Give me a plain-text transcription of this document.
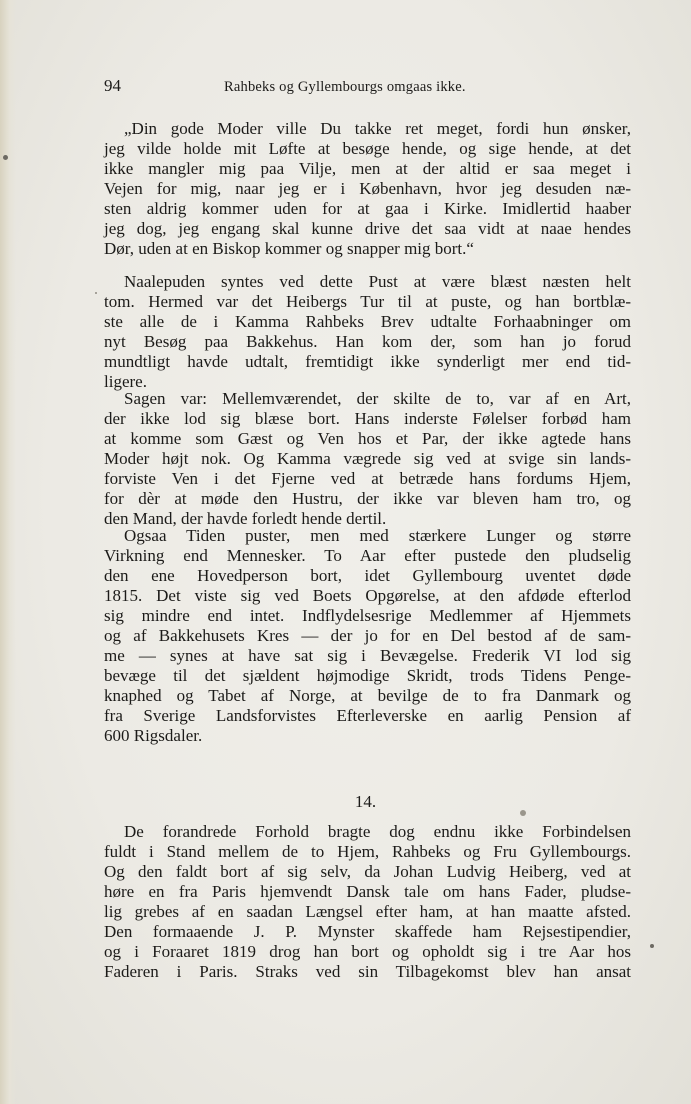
94	Rahbeks og Gyllembourgs omgaas ikke.
„Din gode Moder ville Du takke ret meget, fordi hun ønsker,
jeg vilde holde mit Løfte at besøge hende, og sige hende, at det
ikke mangler mig paa Vilje, men at der altid er saa meget i
Vejen for mig, naar jeg er i København, hvor jeg desuden næ-
sten aldrig kommer uden for at gaa i Kirke. Imidlertid haaber
jeg dog, jeg engang skal kunne drive det saa vidt at naae hendes
Dør, uden at en Biskop kommer og snapper mig bort.“
Naalepuden syntes ved dette Pust at være blæst næsten helt
tom. Hermed var det Heibergs Tur til at puste, og han bortblæ-
ste alle de i Kamma Rahbeks Brev udtalte Forhaabninger om
nyt Besøg paa Bakkehus. Han kom der, som han jo forud
mundtligt havde udtalt, fremtidigt ikke synderligt mer end tid-
ligere.
Sagen var: Mellemværendet, der skilte de to, var af en Art,
der ikke lod sig blæse bort. Hans inderste Følelser forbød ham
at komme som Gæst og Ven hos et Par, der ikke agtede hans
Moder højt nok. Og Kamma vægrede sig ved at svige sin lands-
forviste Ven i det Fjerne ved at betræde hans fordums Hjem,
for dèr at møde den Hustru, der ikke var bleven ham tro, og
den Mand, der havde forledt hende dertil.
Ogsaa Tiden puster, men med stærkere Lunger og større
Virkning end Mennesker. To Aar efter pustede den pludselig
den ene Hovedperson bort, idet Gyllembourg uventet døde
1815. Det viste sig ved Boets Opgørelse, at den afdøde efterlod
sig mindre end intet. Indflydelsesrige Medlemmer af Hjemmets
og af Bakkehusets Kres — der jo for en Del bestod af de sam-
me — synes at have sat sig i Bevægelse. Frederik VI lod sig
bevæge til det sjældent højmodige Skridt, trods Tidens Penge-
knaphed og Tabet af Norge, at bevilge de to fra Danmark og
fra Sverige Landsforvistes Efterleverske en aarlig Pension af
600 Rigsdaler.
14.
De forandrede Forhold bragte dog endnu ikke Forbindelsen
fuldt i Stand mellem de to Hjem, Rahbeks og Fru Gyllembourgs.
Og den faldt bort af sig selv, da Johan Ludvig Heiberg, ved at
høre en fra Paris hjemvendt Dansk tale om hans Fader, pludse-
lig grebes af en saadan Længsel efter ham, at han maatte afsted.
Den formaaende J. P. Mynster skaffede ham Rejsestipendier,
og i Foraaret 1819 drog han bort og opholdt sig i tre Aar hos
Faderen i Paris. Straks ved sin Tilbagekomst blev han ansat
